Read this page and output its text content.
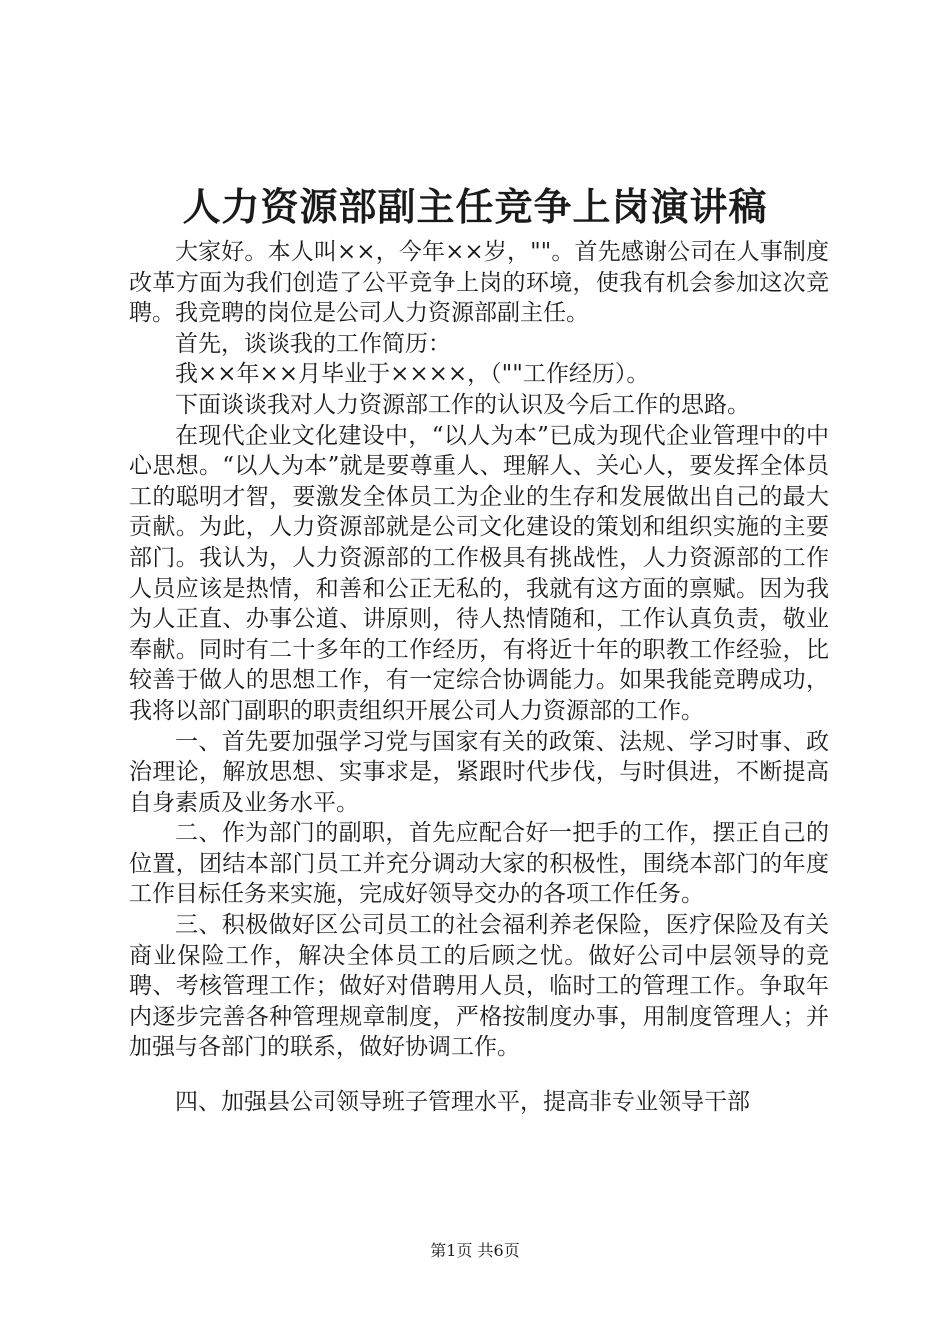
人力资源部副主任竞争上岗演讲稿

大家好。本人叫××，今年××岁，""。首先感谢公司在人事制度改革方面为我们创造了公平竞争上岗的环境，使我有机会参加这次竞聘。我竞聘的岗位是公司人力资源部副主任。

首先，谈谈我的工作简历：

我××年××月毕业于××××，（""工作经历）。

下面谈谈我对人力资源部工作的认识及今后工作的思路。

在现代企业文化建设中，“以人为本”已成为现代企业管理中的中心思想。“以人为本”就是要尊重人、理解人、关心人，要发挥全体员工的聪明才智，要激发全体员工为企业的生存和发展做出自己的最大贡献。为此，人力资源部就是公司文化建设的策划和组织实施的主要部门。我认为，人力资源部的工作极具有挑战性，人力资源部的工作人员应该是热情，和善和公正无私的，我就有这方面的禀赋。因为我为人正直、办事公道、讲原则，待人热情随和，工作认真负责，敬业奉献。同时有二十多年的工作经历，有将近十年的职教工作经验，比较善于做人的思想工作，有一定综合协调能力。如果我能竞聘成功，我将以部门副职的职责组织开展公司人力资源部的工作。

一、首先要加强学习党与国家有关的政策、法规、学习时事、政治理论，解放思想、实事求是，紧跟时代步伐，与时俱进，不断提高自身素质及业务水平。

二、作为部门的副职，首先应配合好一把手的工作，摆正自己的位置，团结本部门员工并充分调动大家的积极性，围绕本部门的年度工作目标任务来实施，完成好领导交办的各项工作任务。

三、积极做好区公司员工的社会福利养老保险，医疗保险及有关商业保险工作，解决全体员工的后顾之忧。做好公司中层领导的竞聘、考核管理工作；做好对借聘用人员，临时工的管理工作。争取年内逐步完善各种管理规章制度，严格按制度办事，用制度管理人；并加强与各部门的联系，做好协调工作。

四、加强县公司领导班子管理水平，提高非专业领导干部

第1页 共6页
